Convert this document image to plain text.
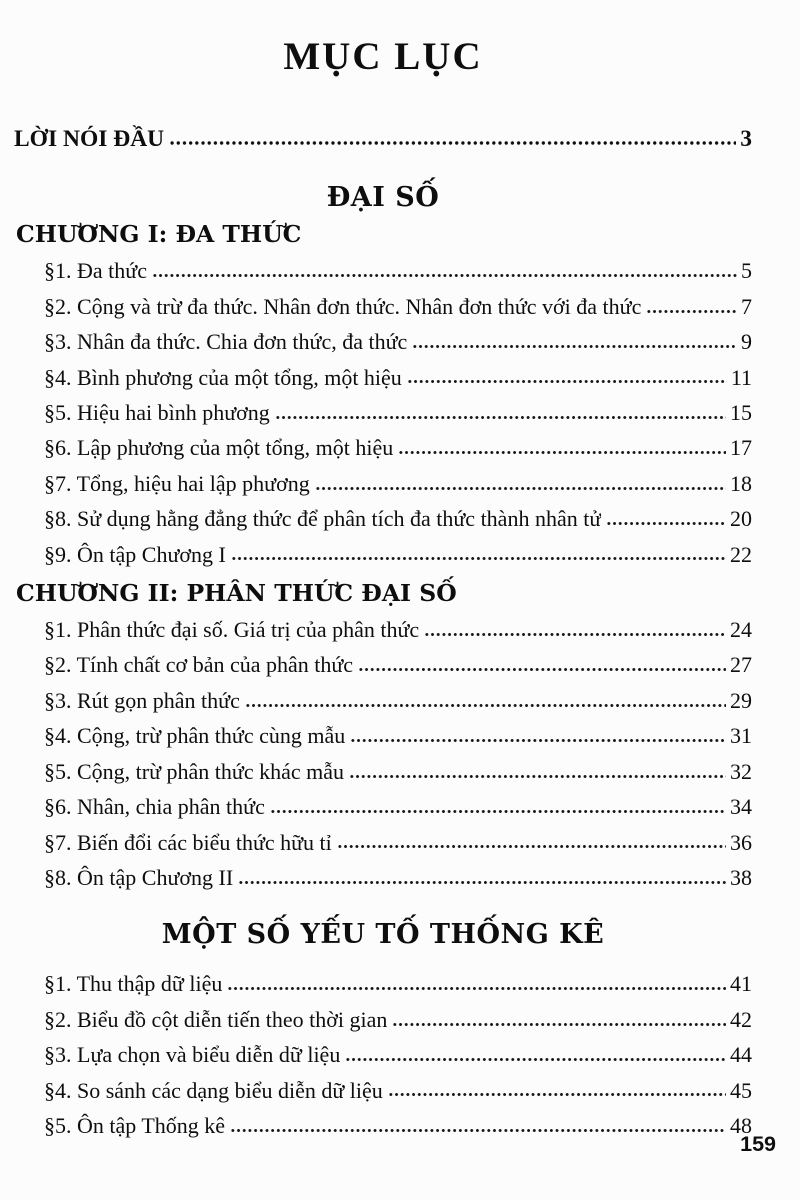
MỤC LỤC
LỜI NÓI ĐẦU	3
ĐẠI SỐ
CHƯƠNG I: ĐA THỨC
§1. Đa thức	5
§2. Cộng và trừ đa thức. Nhân đơn thức. Nhân đơn thức với đa thức	7
§3. Nhân đa thức. Chia đơn thức, đa thức	9
§4. Bình phương của một tổng, một hiệu	11
§5. Hiệu hai bình phương	15
§6. Lập phương của một tổng, một hiệu	17
§7. Tổng, hiệu hai lập phương	18
§8. Sử dụng hằng đẳng thức để phân tích đa thức thành nhân tử	20
§9. Ôn tập Chương I	22
CHƯƠNG II: PHÂN THỨC ĐẠI SỐ
§1. Phân thức đại số. Giá trị của phân thức	24
§2. Tính chất cơ bản của phân thức	27
§3. Rút gọn phân thức	29
§4. Cộng, trừ phân thức cùng mẫu	31
§5. Cộng, trừ phân thức khác mẫu	32
§6. Nhân, chia phân thức	34
§7. Biến đổi các biểu thức hữu tỉ	36
§8. Ôn tập Chương II	38
MỘT SỐ YẾU TỐ THỐNG KÊ
§1. Thu thập dữ liệu	41
§2. Biểu đồ cột diễn tiến theo thời gian	42
§3. Lựa chọn và biểu diễn dữ liệu	44
§4. So sánh các dạng biểu diễn dữ liệu	45
§5. Ôn tập Thống kê	48
159
